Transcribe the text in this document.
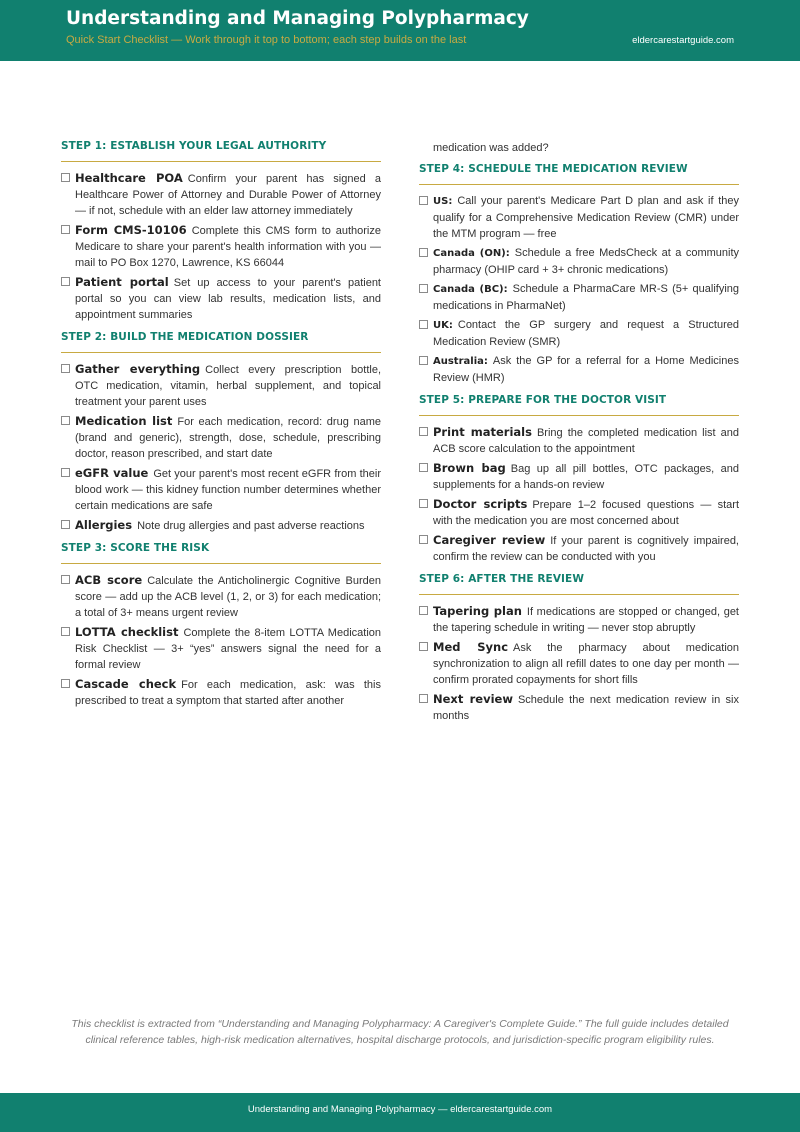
Understanding and Managing Polypharmacy
Quick Start Checklist — Work through it top to bottom; each step builds on the last	eldercarestartguide.com
STEP 1: ESTABLISH YOUR LEGAL AUTHORITY
Healthcare POA Confirm your parent has signed a Healthcare Power of Attorney and Durable Power of Attorney — if not, schedule with an elder law attorney immediately
Form CMS-10106 Complete this CMS form to authorize Medicare to share your parent's health information with you — mail to PO Box 1270, Lawrence, KS 66044
Patient portal Set up access to your parent's patient portal so you can view lab results, medication lists, and appointment summaries
STEP 2: BUILD THE MEDICATION DOSSIER
Gather everything Collect every prescription bottle, OTC medication, vitamin, herbal supplement, and topical treatment your parent uses
Medication list For each medication, record: drug name (brand and generic), strength, dose, schedule, prescribing doctor, reason prescribed, and start date
eGFR value Get your parent's most recent eGFR from their blood work — this kidney function number determines whether certain medications are safe
Allergies Note drug allergies and past adverse reactions
STEP 3: SCORE THE RISK
ACB score Calculate the Anticholinergic Cognitive Burden score — add up the ACB level (1, 2, or 3) for each medication; a total of 3+ means urgent review
LOTTA checklist Complete the 8-item LOTTA Medication Risk Checklist — 3+ “yes” answers signal the need for a formal review
Cascade check For each medication, ask: was this prescribed to treat a symptom that started after another
medication was added?
STEP 4: SCHEDULE THE MEDICATION REVIEW
US: Call your parent's Medicare Part D plan and ask if they qualify for a Comprehensive Medication Review (CMR) under the MTM program — free
Canada (ON): Schedule a free MedsCheck at a community pharmacy (OHIP card + 3+ chronic medications)
Canada (BC): Schedule a PharmaCare MR-S (5+ qualifying medications in PharmaNet)
UK: Contact the GP surgery and request a Structured Medication Review (SMR)
Australia: Ask the GP for a referral for a Home Medicines Review (HMR)
STEP 5: PREPARE FOR THE DOCTOR VISIT
Print materials Bring the completed medication list and ACB score calculation to the appointment
Brown bag Bag up all pill bottles, OTC packages, and supplements for a hands-on review
Doctor scripts Prepare 1–2 focused questions — start with the medication you are most concerned about
Caregiver review If your parent is cognitively impaired, confirm the review can be conducted with you
STEP 6: AFTER THE REVIEW
Tapering plan If medications are stopped or changed, get the tapering schedule in writing — never stop abruptly
Med Sync Ask the pharmacy about medication synchronization to align all refill dates to one day per month — confirm prorated copayments for short fills
Next review Schedule the next medication review in six months
This checklist is extracted from “Understanding and Managing Polypharmacy: A Caregiver's Complete Guide.” The full guide includes detailed clinical reference tables, high-risk medication alternatives, hospital discharge protocols, and jurisdiction-specific program eligibility rules.
Understanding and Managing Polypharmacy — eldercarestartguide.com
